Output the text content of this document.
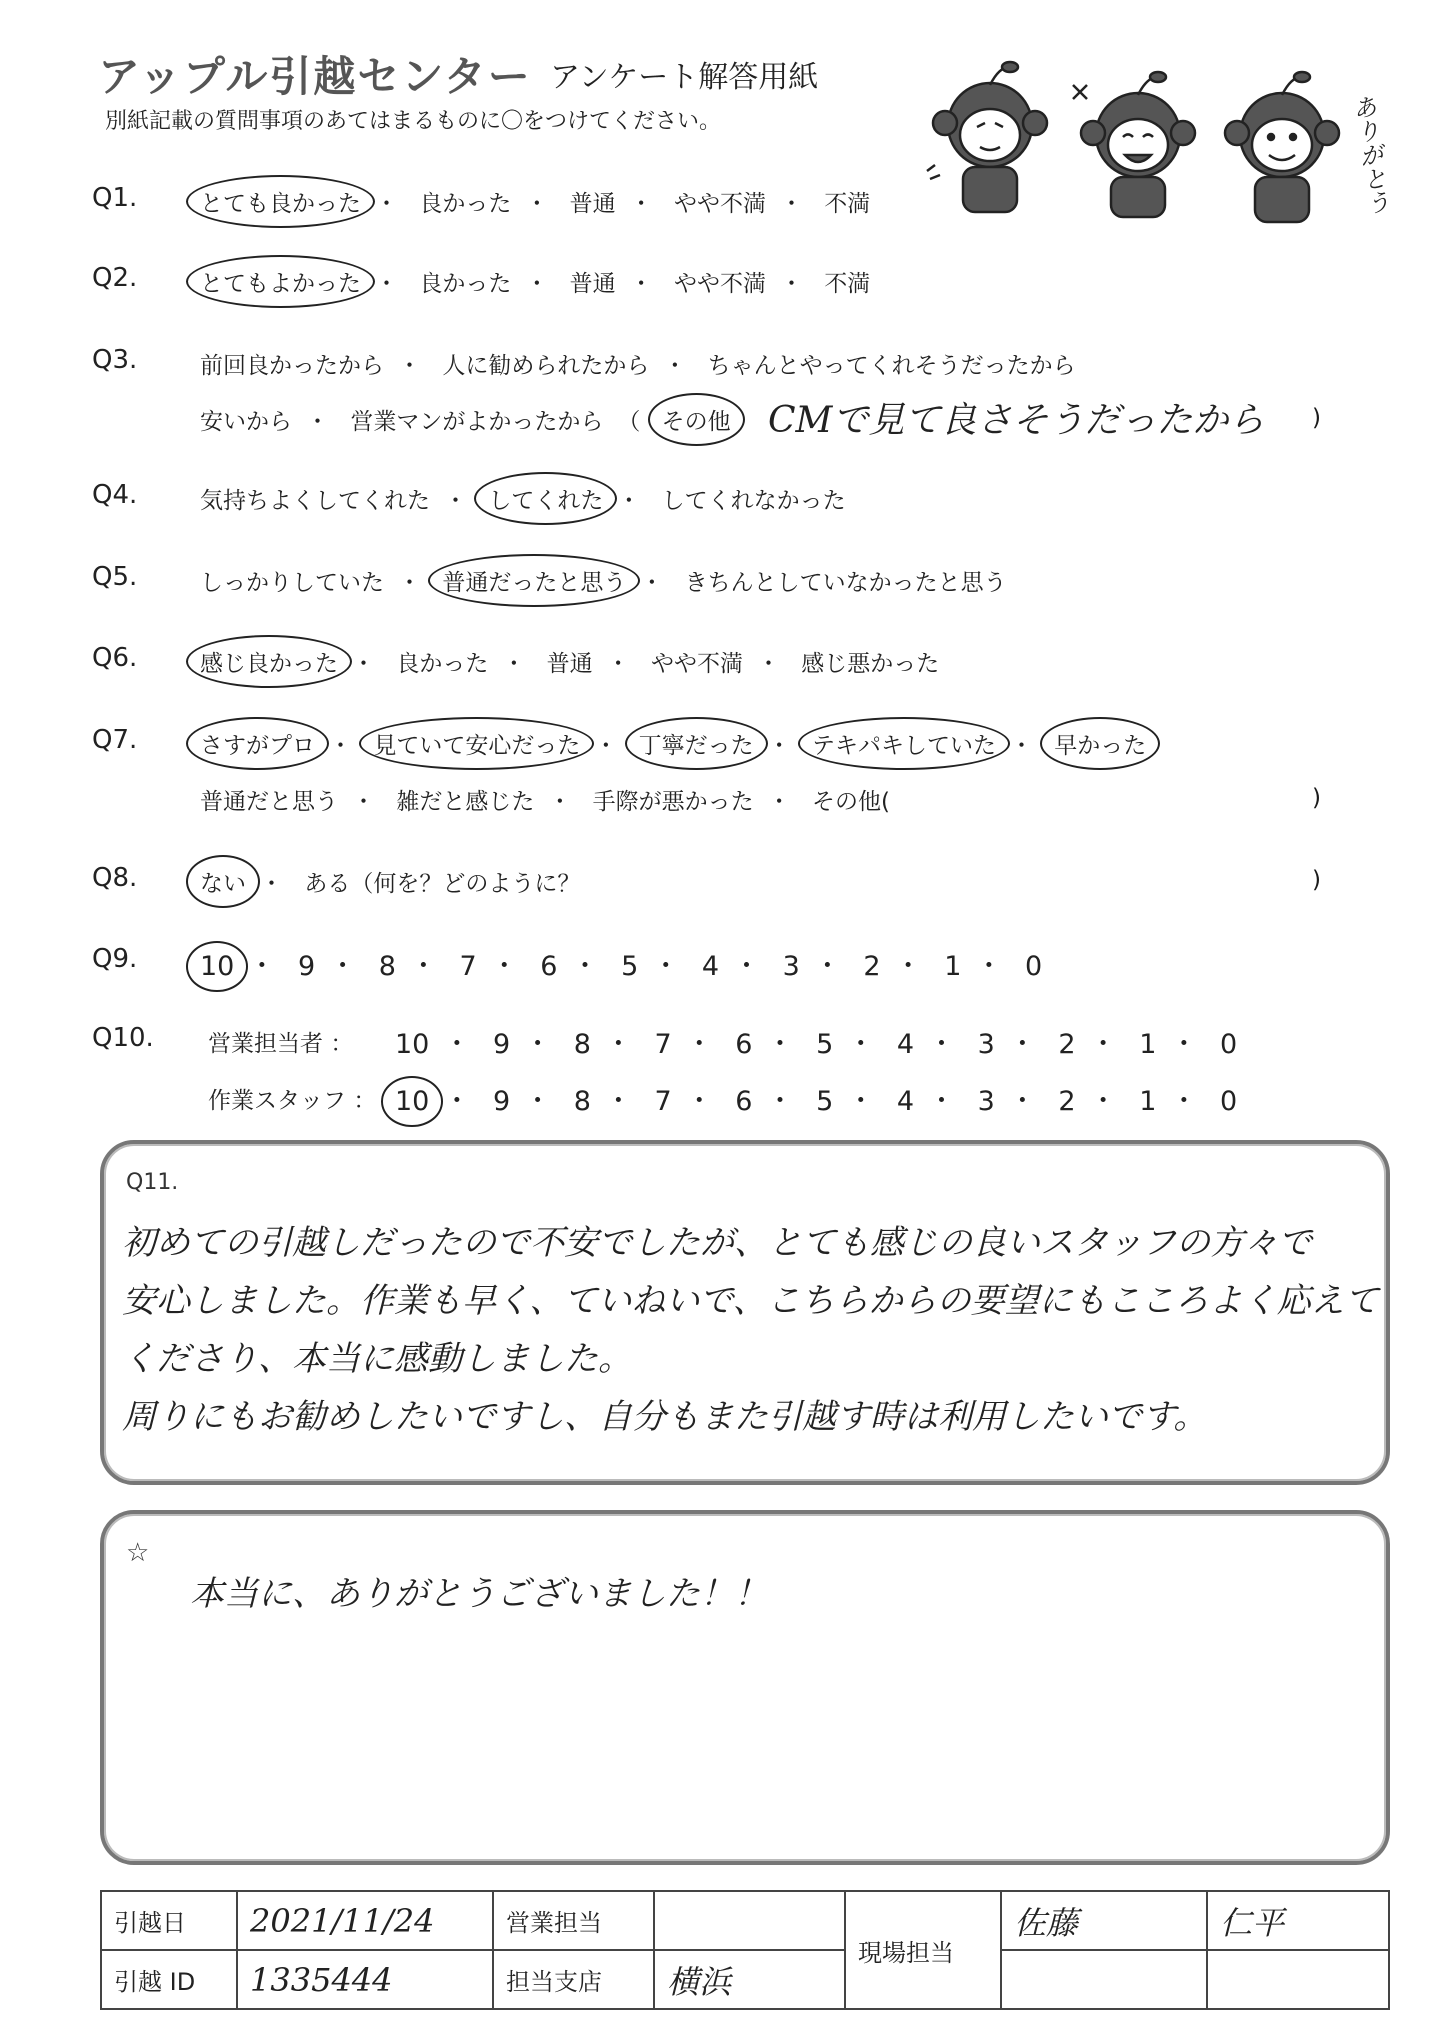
アップル引越センター アンケート解答用紙
別紙記載の質問事項のあてはまるものに〇をつけてください。	ありがとう
Q1.	とても良かった ・ 良かった ・ 普通 ・ やや不満 ・ 不満
Q2.	とてもよかった ・ 良かった ・ 普通 ・ やや不満 ・ 不満
Q3.	前回良かったから ・ 人に勧められたから ・ ちゃんとやってくれそうだったから
安いから ・ 営業マンがよかったから （ その他 CMで見て良さそうだったから )
Q4.	気持ちよくしてくれた ・ してくれた ・ してくれなかった
Q5.	しっかりしていた ・ 普通だったと思う ・ きちんとしていなかったと思う
Q6.	感じ良かった ・ 良かった ・ 普通 ・ やや不満 ・ 感じ悪かった
Q7.	さすがプロ ・ 見ていて安心だった ・ 丁寧だった ・ テキパキしていた ・ 早かった
普通だと思う ・ 雑だと感じた ・ 手際が悪かった ・ その他(	)
Q8.	ない ・ ある（何を？どのように？	)
Q9. 10 ・ 9 ・ 8 ・ 7 ・ 6 ・ 5 ・ 4 ・ 3 ・ 2 ・ 1 ・ 0
Q10. 営業担当者 ： 10 ・ 9 ・ 8 ・ 7 ・ 6 ・ 5 ・ 4 ・ 3 ・ 2 ・ 1 ・ 0
作業スタッフ ： 10 ・ 9 ・ 8 ・ 7 ・ 6 ・ 5 ・ 4 ・ 3 ・ 2 ・ 1 ・ 0
Q11.
初めての引越しだったので不安でしたが、とても感じの良いスタッフの方々で
安心しました。作業も早く、ていねいで、こちらからの要望にもこころよく応えて
くださり、本当に感動しました。
周りにもお勧めしたいですし、自分もまた引越す時は利用したいです。
☆
本当に、ありがとうございました！！
引越日	2021/11/24	営業担当		現場担当	佐藤	仁平
引越 ID	1335444	担当支店	横浜			
